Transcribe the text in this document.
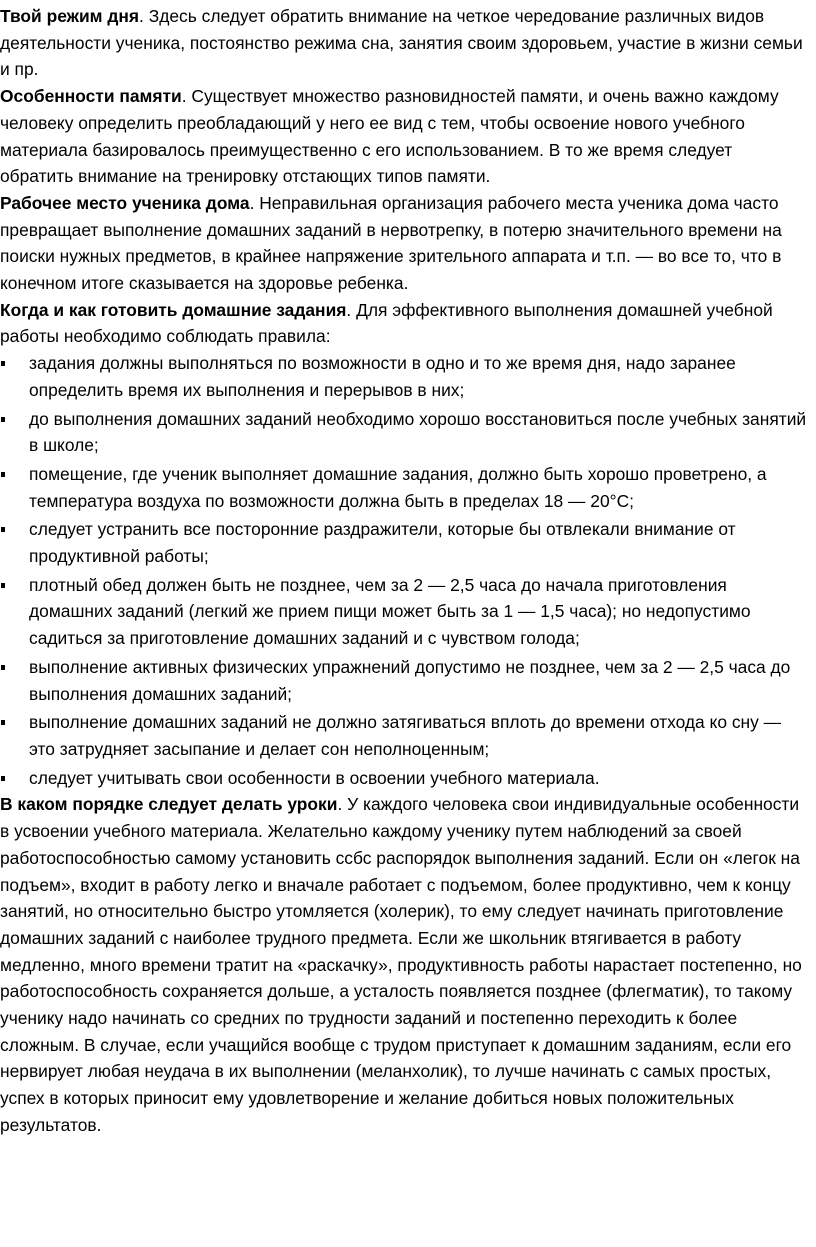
Твой режим дня. Здесь следует обратить внимание на четкое чередование различных видов деятельности ученика, постоянство режима сна, занятия своим здоровьем, участие в жизни семьи и пр.

Особенности памяти. Существует множество разновидностей памяти, и очень важно каждому человеку определить преобладающий у него ее вид с тем, чтобы освоение нового учебного материала базировалось преимущественно с его использованием. В то же время следует обратить внимание на тренировку отстающих типов памяти.

Рабочее место ученика дома. Неправильная организация рабочего места ученика дома часто превращает выполнение домашних заданий в нервотрепку, в потерю значительного времени на поиски нужных предметов, в крайнее напряжение зрительного аппарата и т.п. — во все то, что в конечном итоге сказывается на здоровье ребенка.

Когда и как готовить домашние задания. Для эффективного выполнения домашней учебной работы необходимо соблюдать правила:

задания должны выполняться по возможности в одно и то же время дня, надо заранее определить время их выполнения и перерывов в них;
до выполнения домашних заданий необходимо хорошо восстановиться после учебных занятий в школе;
помещение, где ученик выполняет домашние задания, должно быть хорошо проветрено, а температура воздуха по возможности должна быть в пределах 18 — 20°С;
следует устранить все посторонние раздражители, которые бы отвлекали внимание от продуктивной работы;
плотный обед должен быть не позднее, чем за 2 — 2,5 часа до начала приготовления домашних заданий (легкий же прием пищи может быть за 1 — 1,5 часа); но недопустимо садиться за приготовление домашних заданий и с чувством голода;
выполнение активных физических упражнений допустимо не позднее, чем за 2 — 2,5 часа до выполнения домашних заданий;
выполнение домашних заданий не должно затягиваться вплоть до времени отхода ко сну — это затрудняет засыпание и делает сон неполноценным;
следует учитывать свои особенности в освоении учебного материала.

В каком порядке следует делать уроки. У каждого человека свои индивидуальные особенности в усвоении учебного материала. Желательно каждому ученику путем наблюдений за своей работоспособностью самому установить ссбс распорядок выполнения заданий. Если он «легок на подъем», входит в работу легко и вначале работает с подъемом, более продуктивно, чем к концу занятий, но относительно быстро утомляется (холерик), то ему следует начинать приготовление домашних заданий с наиболее трудного предмета. Если же школьник втягивается в работу медленно, много времени тратит на «раскачку», продуктивность работы нарастает постепенно, но работоспособность сохраняется дольше, а усталость появляется позднее (флегматик), то такому ученику надо начинать со средних по трудности заданий и постепенно переходить к более сложным. В случае, если учащийся вообще с трудом приступает к домашним заданиям, если его нервирует любая неудача в их выполнении (меланхолик), то лучше начинать с самых простых, успех в которых приносит ему удовлетворение и желание добиться новых положительных результатов.
